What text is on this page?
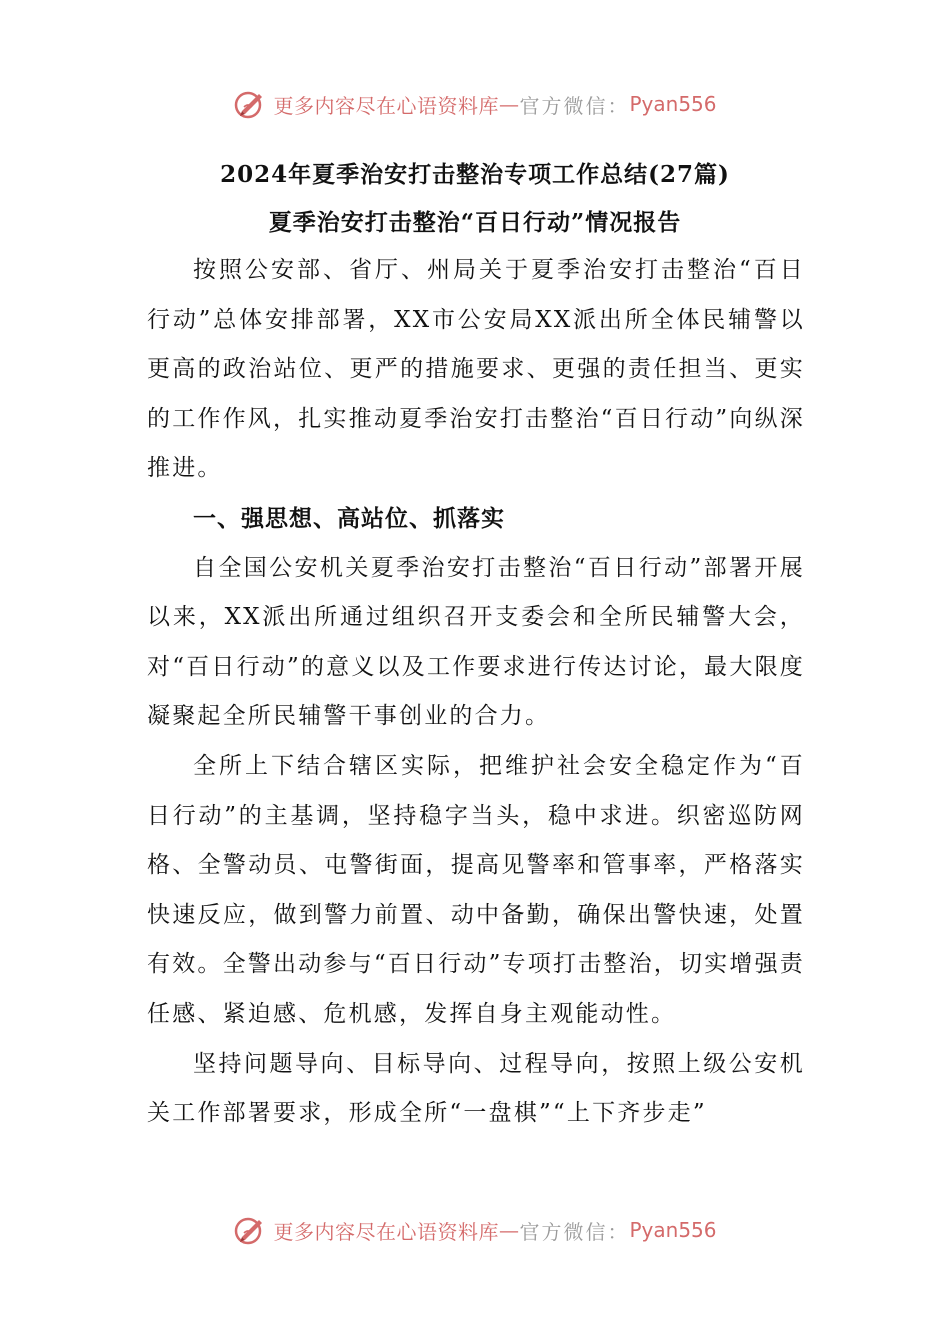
更多内容尽在心语资料库 — 官方微信： Pyan556
2024年夏季治安打击整治专项工作总结(27篇)
夏季治安打击整治“百日行动”情况报告

按照公安部、省厅、州局关于夏季治安打击整治“百日行动”总体安排部署，XX市公安局XX派出所全体民辅警以更高的政治站位、更严的措施要求、更强的责任担当、更实的工作作风，扎实推动夏季治安打击整治“百日行动”向纵深推进。

一、强思想、高站位、抓落实

自全国公安机关夏季治安打击整治“百日行动”部署开展以来，XX派出所通过组织召开支委会和全所民辅警大会，对“百日行动”的意义以及工作要求进行传达讨论，最大限度凝聚起全所民辅警干事创业的合力。

全所上下结合辖区实际，把维护社会安全稳定作为“百日行动”的主基调，坚持稳字当头，稳中求进。织密巡防网格、全警动员、屯警街面，提高见警率和管事率，严格落实快速反应，做到警力前置、动中备勤，确保出警快速，处置有效。全警出动参与“百日行动”专项打击整治，切实增强责任感、紧迫感、危机感，发挥自身主观能动性。

坚持问题导向、目标导向、过程导向，按照上级公安机关工作部署要求，形成全所“一盘棋”“上下齐步走”

更多内容尽在心语资料库 — 官方微信： Pyan556
